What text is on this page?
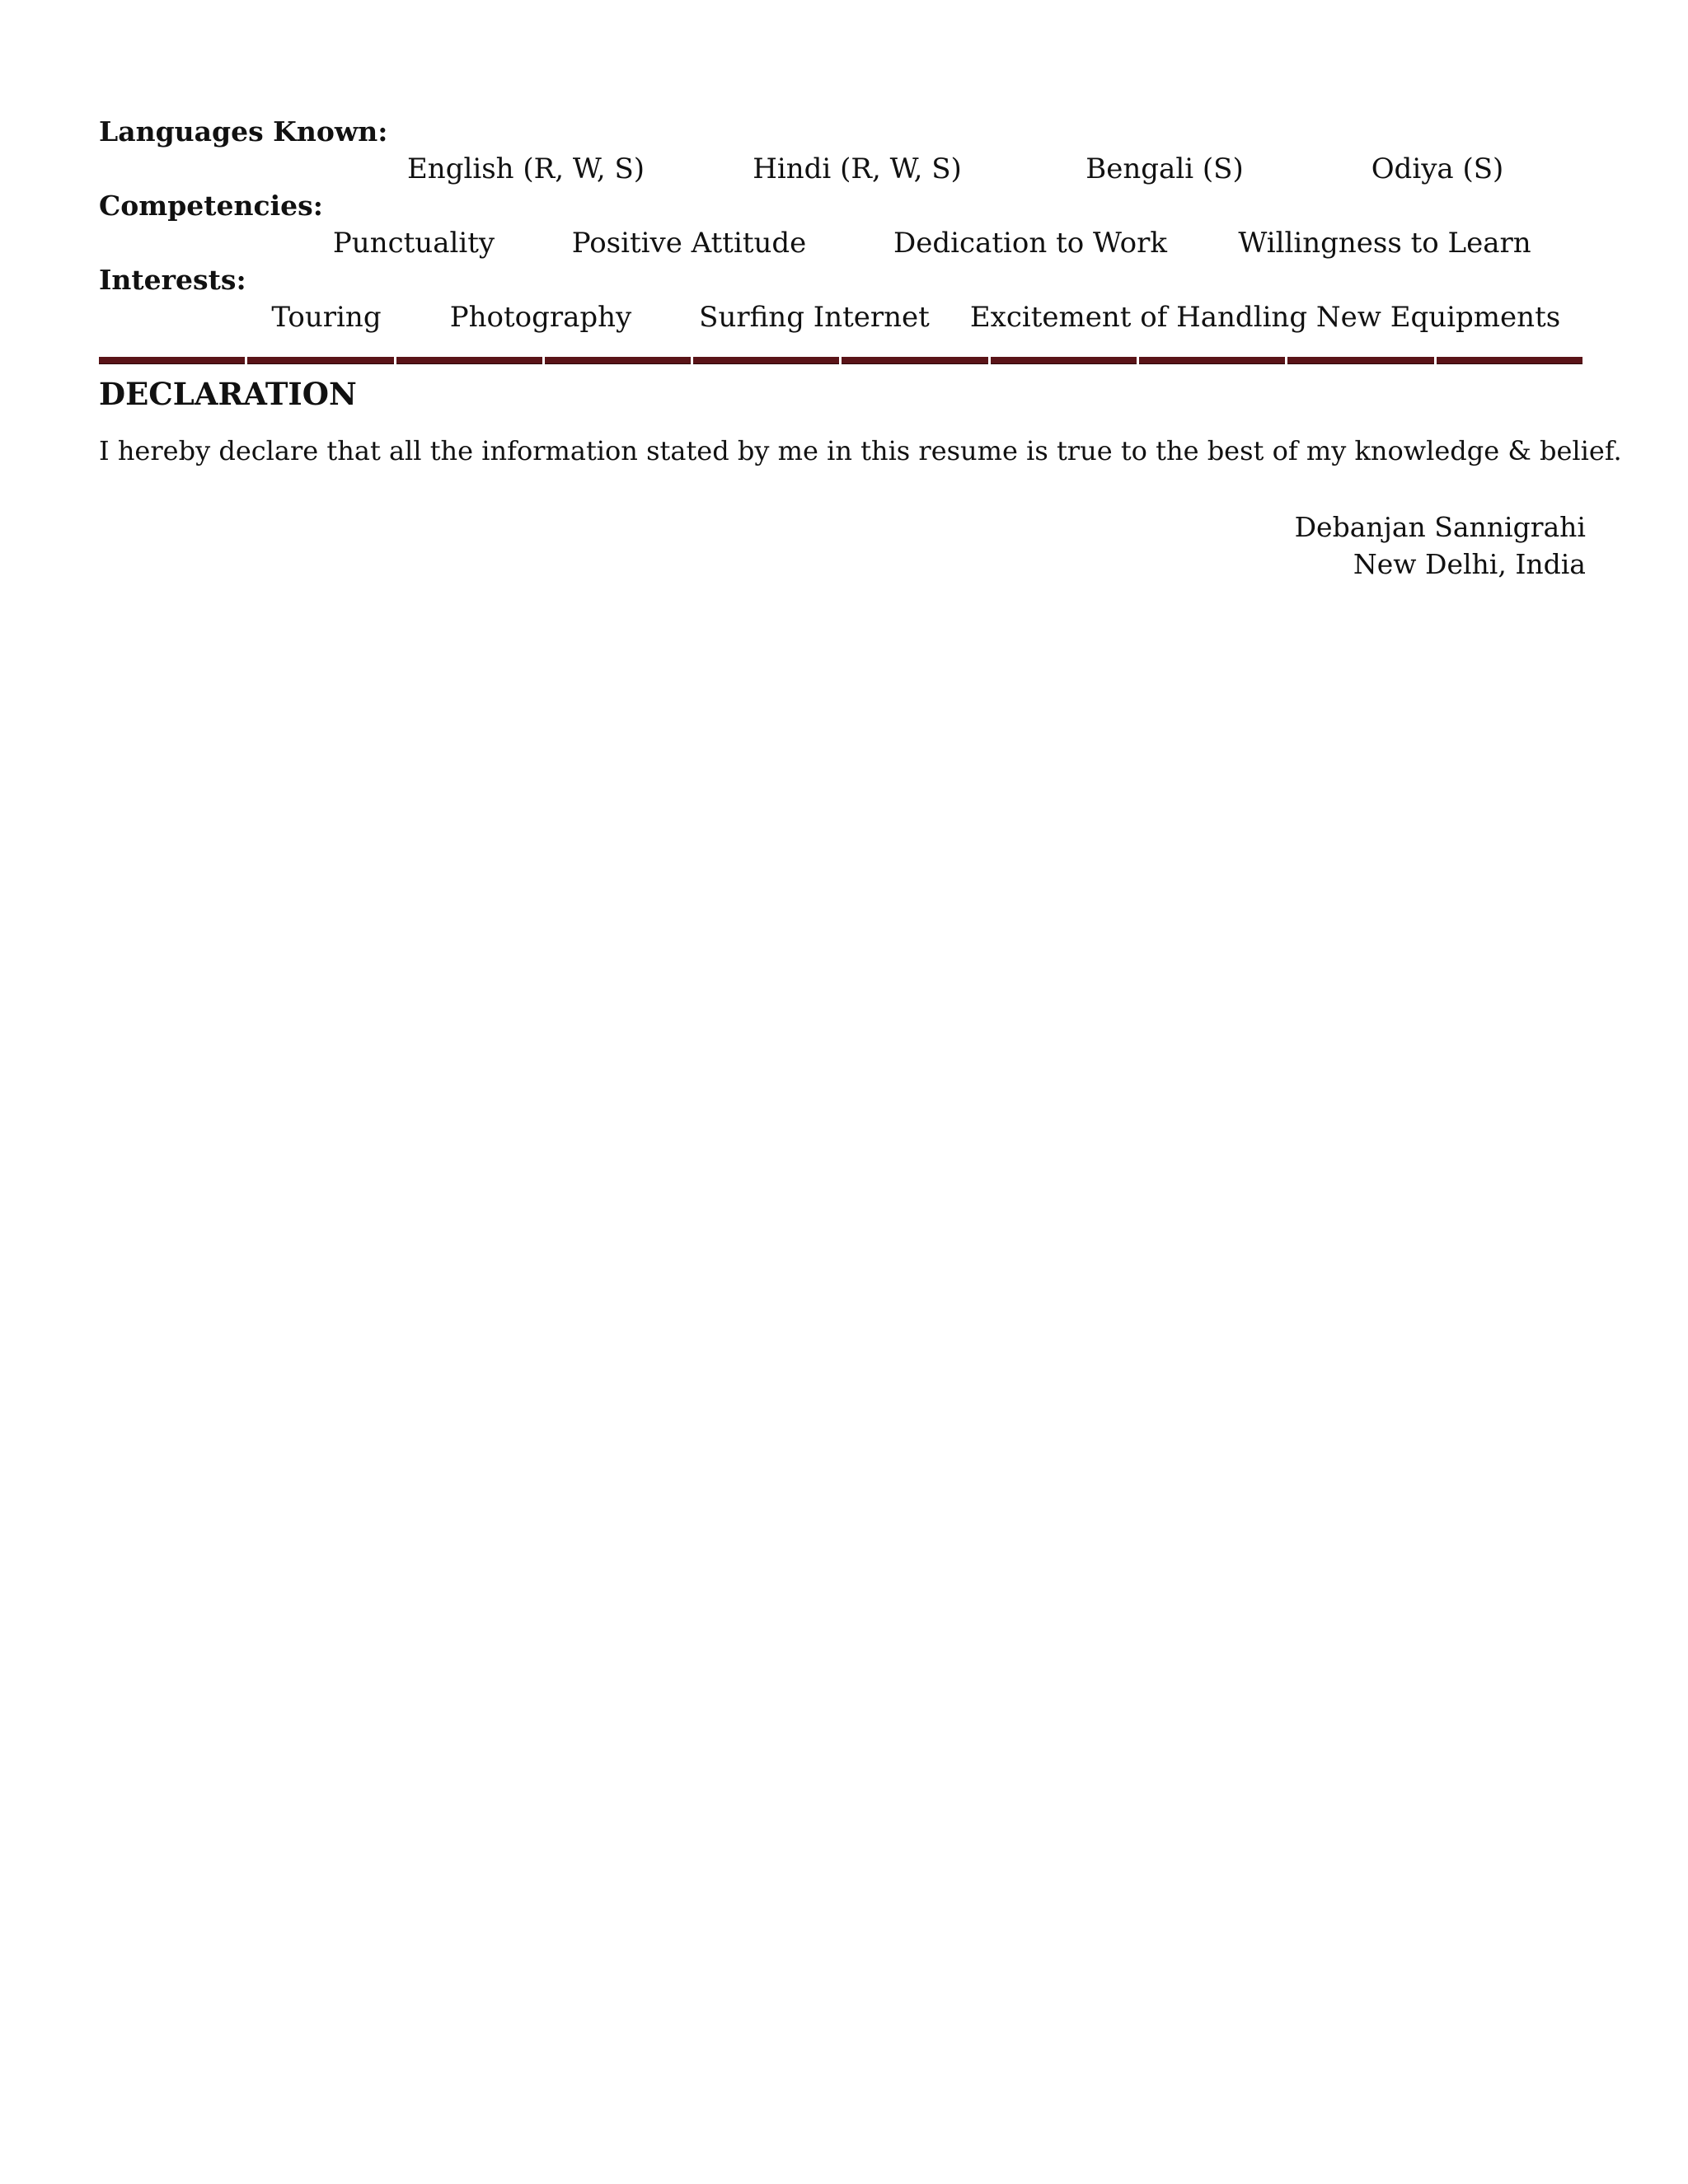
Languages Known:
English (R, W, S)	Hindi (R, W, S)	Bengali (S)	Odiya (S)
Competencies:
Punctuality	Positive Attitude	Dedication to Work	Willingness to Learn
Interests:
Touring Photography Surfing Internet Excitement of Handling New Equipments
DECLARATION
I hereby declare that all the information stated by me in this resume is true to the best of my knowledge & belief.
Debanjan Sannigrahi
New Delhi, India
